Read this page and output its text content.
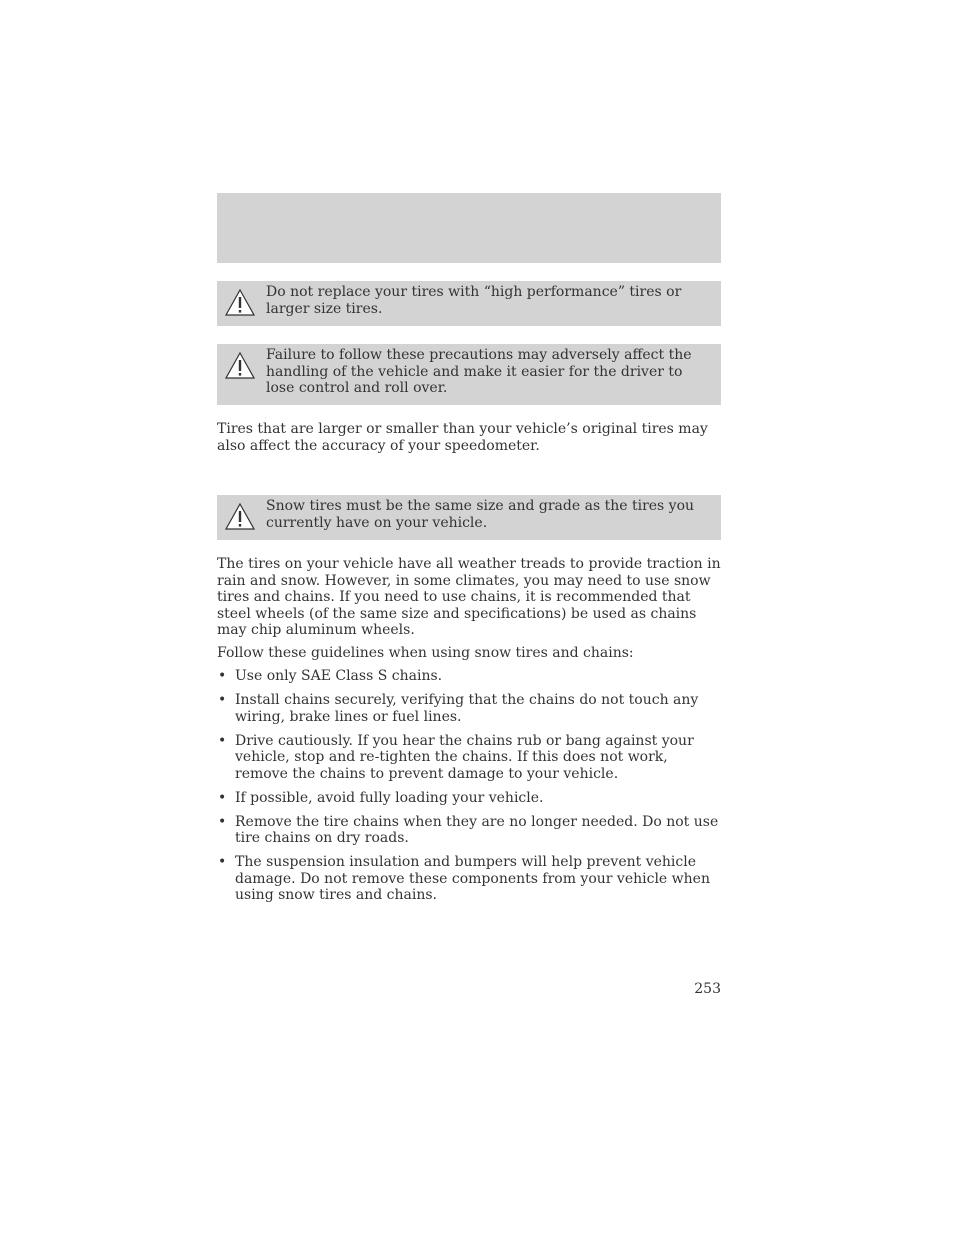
Do not replace your tires with “high performance” tires or larger size tires.
Failure to follow these precautions may adversely affect the handling of the vehicle and make it easier for the driver to lose control and roll over.

Tires that are larger or smaller than your vehicle’s original tires may also affect the accuracy of your speedometer.

Snow tires must be the same size and grade as the tires you currently have on your vehicle.

The tires on your vehicle have all weather treads to provide traction in rain and snow. However, in some climates, you may need to use snow tires and chains. If you need to use chains, it is recommended that steel wheels (of the same size and specifications) be used as chains may chip aluminum wheels.

Follow these guidelines when using snow tires and chains:

• Use only SAE Class S chains.
• Install chains securely, verifying that the chains do not touch any wiring, brake lines or fuel lines.
• Drive cautiously. If you hear the chains rub or bang against your vehicle, stop and re-tighten the chains. If this does not work, remove the chains to prevent damage to your vehicle.
• If possible, avoid fully loading your vehicle.
• Remove the tire chains when they are no longer needed. Do not use tire chains on dry roads.
• The suspension insulation and bumpers will help prevent vehicle damage. Do not remove these components from your vehicle when using snow tires and chains.
253
